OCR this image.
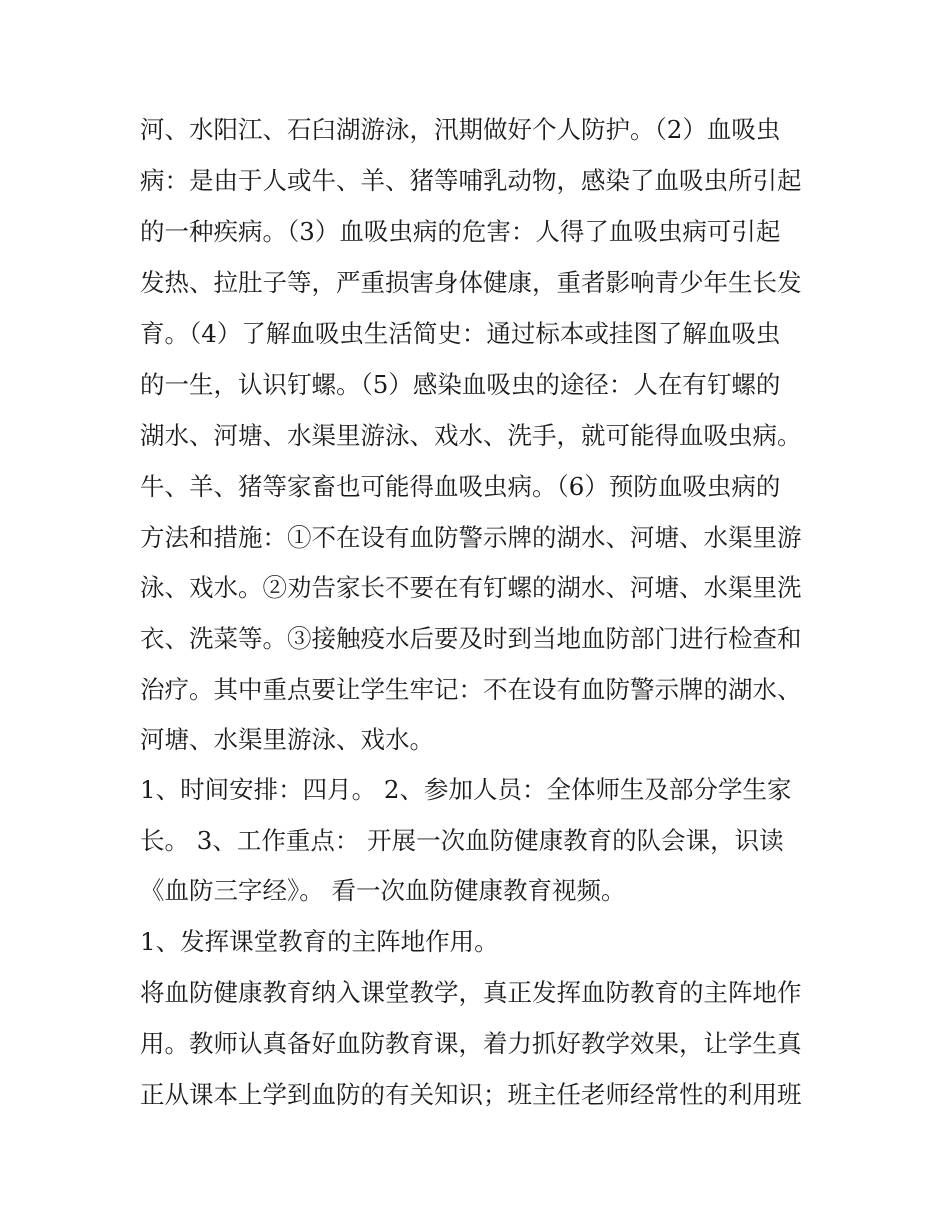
河、水阳江、石臼湖游泳，汛期做好个人防护。（2）血吸虫
病：是由于人或牛、羊、猪等哺乳动物，感染了血吸虫所引起
的一种疾病。（3）血吸虫病的危害：人得了血吸虫病可引起
发热、拉肚子等，严重损害身体健康，重者影响青少年生长发
育。（4）了解血吸虫生活简史：通过标本或挂图了解血吸虫
的一生，认识钉螺。（5）感染血吸虫的途径：人在有钉螺的
湖水、河塘、水渠里游泳、戏水、洗手，就可能得血吸虫病。
牛、羊、猪等家畜也可能得血吸虫病。（6）预防血吸虫病的
方法和措施：①不在设有血防警示牌的湖水、河塘、水渠里游
泳、戏水。②劝告家长不要在有钉螺的湖水、河塘、水渠里洗
衣、洗菜等。③接触疫水后要及时到当地血防部门进行检查和
治疗。其中重点要让学生牢记：不在设有血防警示牌的湖水、
河塘、水渠里游泳、戏水。
1、时间安排：四月。 2、参加人员：全体师生及部分学生家
长。 3、工作重点： 开展一次血防健康教育的队会课，识读
《血防三字经》。 看一次血防健康教育视频。
1、发挥课堂教育的主阵地作用。
将血防健康教育纳入课堂教学，真正发挥血防教育的主阵地作
用。教师认真备好血防教育课，着力抓好教学效果，让学生真
正从课本上学到血防的有关知识；班主任老师经常性的利用班
